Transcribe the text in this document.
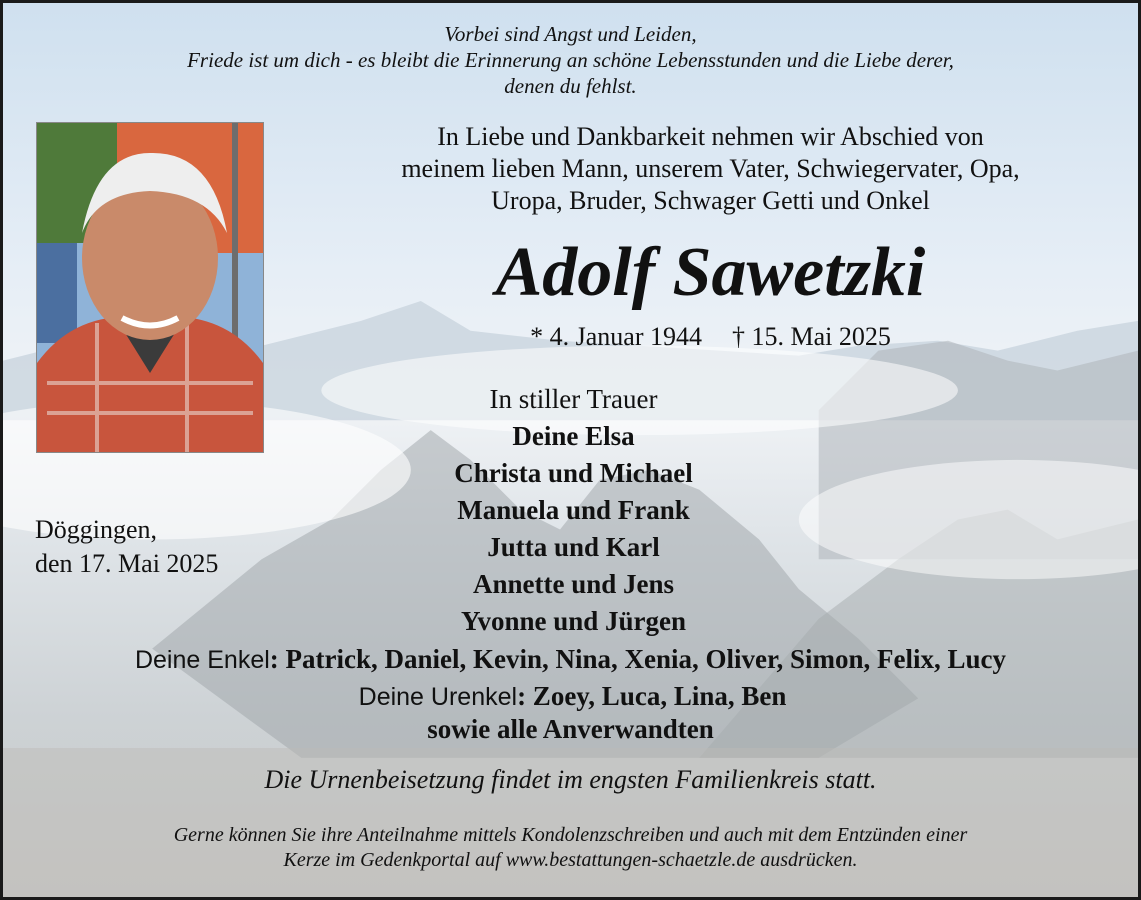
Vorbei sind Angst und Leiden,
Friede ist um dich - es bleibt die Erinnerung an schöne Lebensstunden und die Liebe derer,
denen du fehlst.
In Liebe und Dankbarkeit nehmen wir Abschied von
meinem lieben Mann, unserem Vater, Schwiegervater, Opa,
Uropa, Bruder, Schwager Getti und Onkel
Adolf Sawetzki
* 4. Januar 1944 † 15. Mai 2025
Döggingen,
den 17. Mai 2025
In stiller Trauer
Deine Elsa
Christa und Michael
Manuela und Frank
Jutta und Karl
Annette und Jens
Yvonne und Jürgen
Deine Enkel: Patrick, Daniel, Kevin, Nina, Xenia, Oliver, Simon, Felix, Lucy
Deine Urenkel: Zoey, Luca, Lina, Ben
sowie alle Anverwandten
Die Urnenbeisetzung findet im engsten Familienkreis statt.
Gerne können Sie ihre Anteilnahme mittels Kondolenzschreiben und auch mit dem Entzünden einer
Kerze im Gedenkportal auf www.bestattungen-schaetzle.de ausdrücken.
